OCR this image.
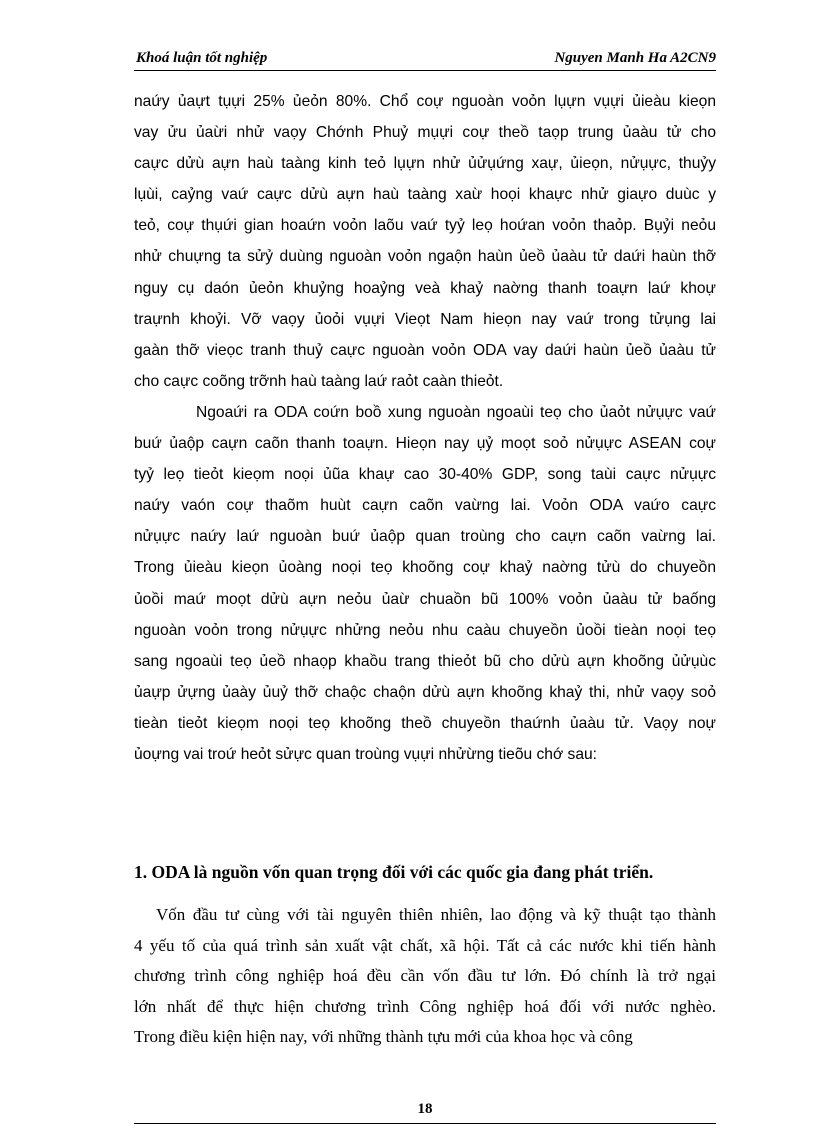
Khoá luận tốt nghiệp	Nguyen Manh Ha A2CN9

naứy ủaựt tụựi 25% ủeỏn 80%. Chổ coự nguoàn voỏn lụựn vụựi ủieàu kieọn
vay ửu ủaừi nhử vaọy Chớnh Phuỷ mụựi coự theồ taọp trung ủaàu tử cho
caực dửù aựn haù taàng kinh teỏ lụựn nhử ủửụứng xaự, ủieọn, nửụực, thuỷy
lụùi, caỷng vaứ caực dửù aựn haù taàng xaừ hoọi khaực nhử giaựo duùc y
teỏ, coự thụứi gian hoaứn voỏn laõu vaứ tyỷ leọ hoứan voỏn thaỏp. Bụỷi neỏu
nhử chuựng ta sửỷ duùng nguoàn voỏn ngaộn haùn ủeồ ủaàu tử daứi haùn thỡ
nguy cụ daón ủeỏn khuỷng hoaỷng veà khaỷ naờng thanh toaựn laứ khoự
traựnh khoỷi. Vỡ vaọy ủoỏi vụựi Vieọt Nam hieọn nay vaứ trong tửụng lai
gaàn thỡ vieọc tranh thuỷ caực nguoàn voỏn ODA vay daứi haùn ủeồ ủaàu tử
cho caực coõng trỡnh haù taàng laứ raỏt caàn thieỏt.

Ngoaứi ra ODA coứn boồ xung nguoàn ngoaùi teọ cho ủaỏt nửụực vaứ
buứ ủaộp caựn caõn thanh toaựn. Hieọn nay ụỷ moọt soỏ nửụực ASEAN coự
tyỷ leọ tieỏt kieọm noọi ủũa khaự cao 30-40% GDP, song taùi caực nửụực
naứy vaón coự thaõm huùt caựn caõn vaừng lai. Voỏn ODA vaứo caực
nửụực naứy laứ nguoàn buứ ủaộp quan troùng cho caựn caõn vaừng lai.
Trong ủieàu kieọn ủoàng noọi teọ khoõng coự khaỷ naờng tửù do chuyeồn
ủoồi maứ moọt dửù aựn neỏu ủaừ chuaồn bũ 100% voỏn ủaàu tử baống
nguoàn voỏn trong nửụực nhửng neỏu nhu caàu chuyeồn ủoồi tieàn noọi teọ
sang ngoaùi teọ ủeồ nhaọp khaồu trang thieỏt bũ cho dửù aựn khoõng ủửụùc
ủaựp ửựng ủaày ủuỷ thỡ chaộc chaộn dửù aựn khoõng khaỷ thi, nhử vaọy soỏ
tieàn tieỏt kieọm noọi teọ khoõng theồ chuyeồn thaứnh ủaàu tử. Vaọy noự
ủoựng vai troứ heỏt sửực quan troùng vụựi nhửừng tieõu chớ sau:

1. ODA là nguồn vốn quan trọng đối với các quốc gia đang phát triển.

Vốn đầu tư cùng với tài nguyên thiên nhiên, lao động và kỹ thuật tạo thành
4 yếu tố của quá trình sản xuất vật chất, xã hội. Tất cả các nước khi tiến hành
chương trình công nghiệp hoá đều cần vốn đầu tư lớn. Đó chính là trở ngại
lớn nhất để thực hiện chương trình Công nghiệp hoá đối với nước nghèo.
Trong điều kiện hiện nay, với những thành tựu mới của khoa học và công

18
